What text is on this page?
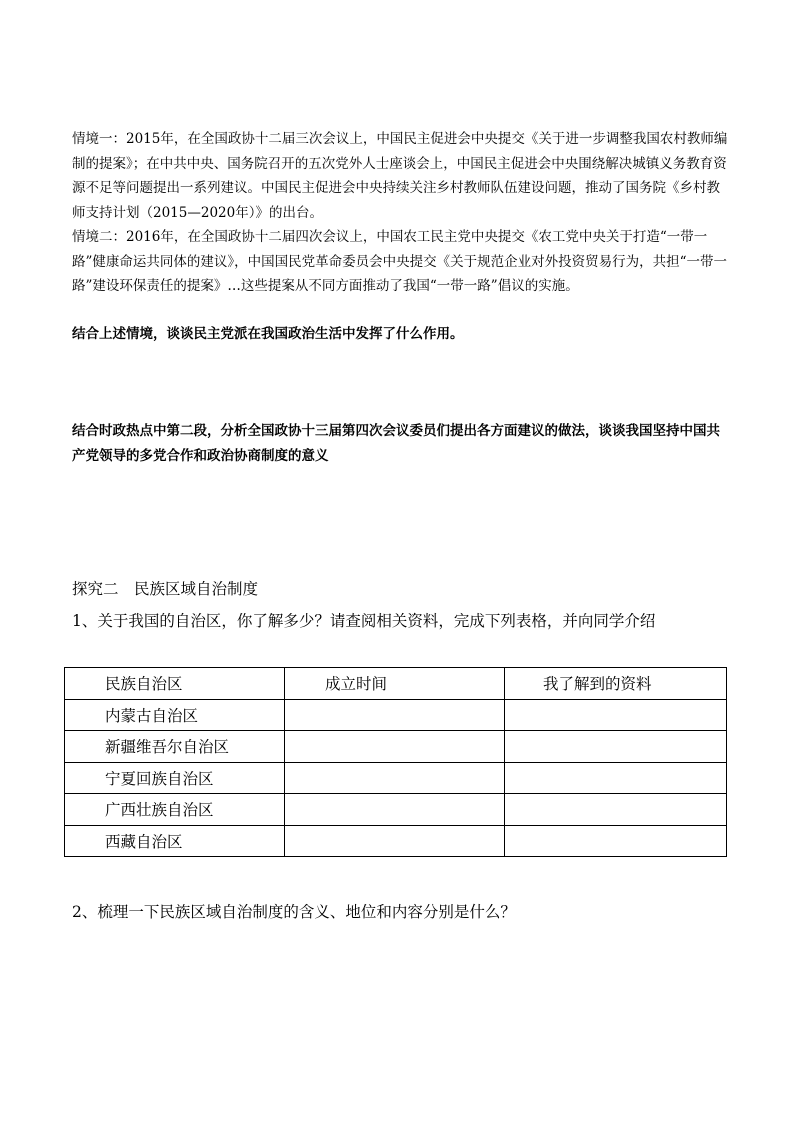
情境一：2015年，在全国政协十二届三次会议上，中国民主促进会中央提交《关于进一步调整我国农村教师编制的提案》；在中共中央、国务院召开的五次党外人士座谈会上，中国民主促进会中央围绕解决城镇义务教育资源不足等问题提出一系列建议。中国民主促进会中央持续关注乡村教师队伍建设问题，推动了国务院《乡村教师支持计划（2015—2020年）》的出台。

情境二：2016年，在全国政协十二届四次会议上，中国农工民主党中央提交《农工党中央关于打造“一带一路”健康命运共同体的建议》，中国国民党革命委员会中央提交《关于规范企业对外投资贸易行为，共担“一带一路”建设环保责任的提案》…这些提案从不同方面推动了我国“一带一路”倡议的实施。

结合上述情境，谈谈民主党派在我国政治生活中发挥了什么作用。

结合时政热点中第二段，分析全国政协十三届第四次会议委员们提出各方面建议的做法，谈谈我国坚持中国共产党领导的多党合作和政治协商制度的意义

探究二　民族区域自治制度

1、关于我国的自治区，你了解多少？请查阅相关资料，完成下列表格，并向同学介绍

民族自治区	成立时间	我了解到的资料
内蒙古自治区		
新疆维吾尔自治区		
宁夏回族自治区		
广西壮族自治区		
西藏自治区		

2、梳理一下民族区域自治制度的含义、地位和内容分别是什么？
